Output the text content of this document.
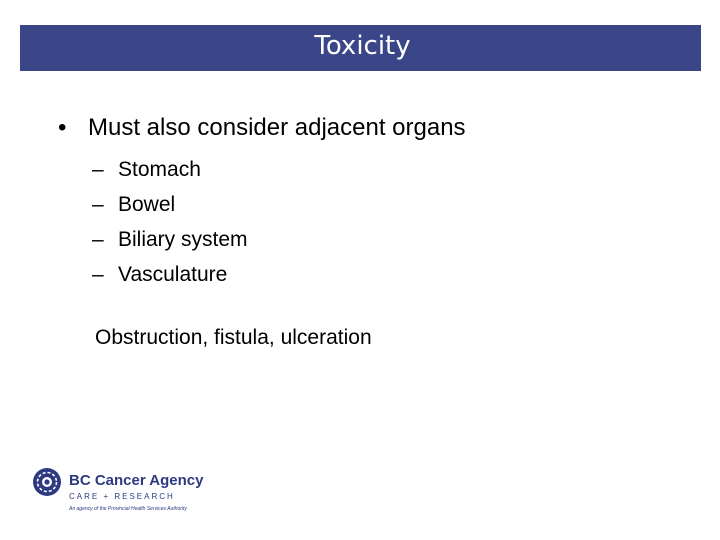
Toxicity
• Must also consider adjacent organs
– Stomach
– Bowel
– Biliary system
– Vasculature
Obstruction, fistula, ulceration
BC Cancer Agency
CARE + RESEARCH
An agency of the Provincial Health Services Authority
